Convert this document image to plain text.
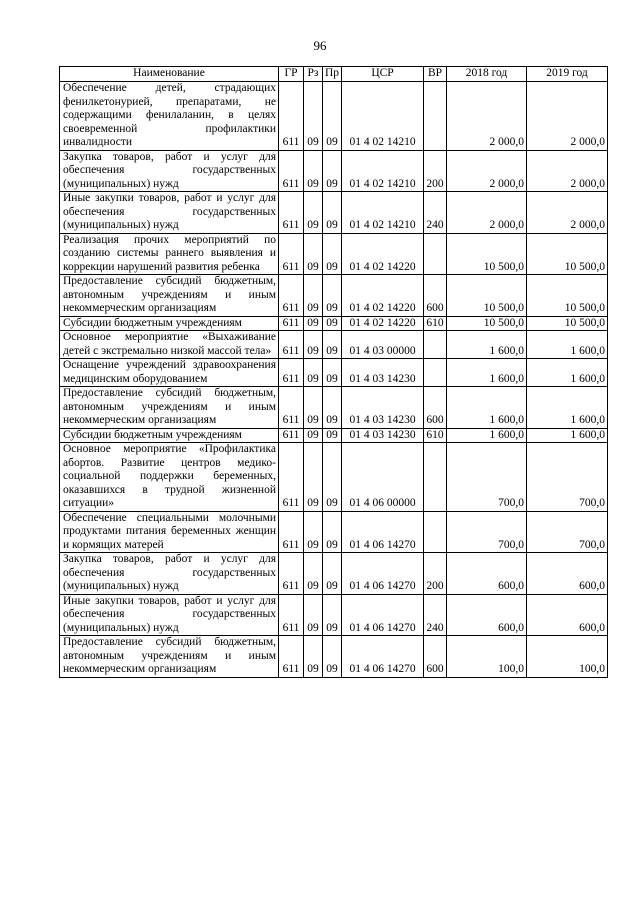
96
Наименование	ГР	Рз	Пр	ЦСР	ВР	2018 год	2019 год
Обеспечение детей, страдающих фенилкетонурией, препаратами, не содержащими фенилаланин, в целях своевременной профилактики инвалидности	611	09	09	01 4 02 14210		2 000,0	2 000,0
Закупка товаров, работ и услуг для обеспечения государственных (муниципальных) нужд	611	09	09	01 4 02 14210	200	2 000,0	2 000,0
Иные закупки товаров, работ и услуг для обеспечения государственных (муниципальных) нужд	611	09	09	01 4 02 14210	240	2 000,0	2 000,0
Реализация прочих мероприятий по созданию системы раннего выявления и коррекции нарушений развития ребенка	611	09	09	01 4 02 14220		10 500,0	10 500,0
Предоставление субсидий бюджетным, автономным учреждениям и иным некоммерческим организациям	611	09	09	01 4 02 14220	600	10 500,0	10 500,0
Субсидии бюджетным учреждениям	611	09	09	01 4 02 14220	610	10 500,0	10 500,0
Основное мероприятие «Выхаживание детей с экстремально низкой массой тела»	611	09	09	01 4 03 00000		1 600,0	1 600,0
Оснащение учреждений здравоохранения медицинским оборудованием	611	09	09	01 4 03 14230		1 600,0	1 600,0
Предоставление субсидий бюджетным, автономным учреждениям и иным некоммерческим организациям	611	09	09	01 4 03 14230	600	1 600,0	1 600,0
Субсидии бюджетным учреждениям	611	09	09	01 4 03 14230	610	1 600,0	1 600,0
Основное мероприятие «Профилактика абортов. Развитие центров медико-социальной поддержки беременных, оказавшихся в трудной жизненной ситуации»	611	09	09	01 4 06 00000		700,0	700,0
Обеспечение специальными молочными продуктами питания беременных женщин и кормящих матерей	611	09	09	01 4 06 14270		700,0	700,0
Закупка товаров, работ и услуг для обеспечения государственных (муниципальных) нужд	611	09	09	01 4 06 14270	200	600,0	600,0
Иные закупки товаров, работ и услуг для обеспечения государственных (муниципальных) нужд	611	09	09	01 4 06 14270	240	600,0	600,0
Предоставление субсидий бюджетным, автономным учреждениям и иным некоммерческим организациям	611	09	09	01 4 06 14270	600	100,0	100,0
